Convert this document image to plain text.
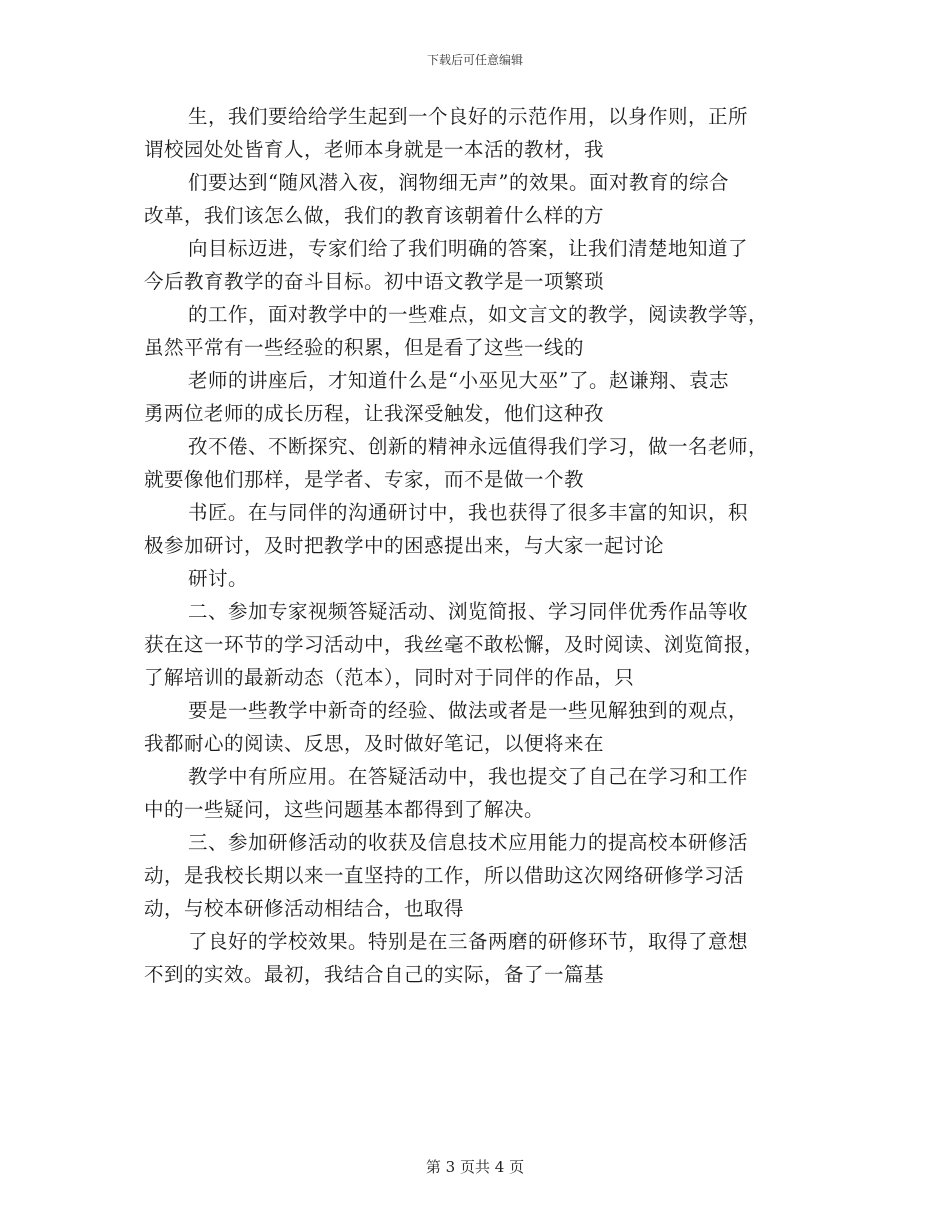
下载后可任意编辑

生，我们要给给学生起到一个良好的示范作用，以身作则，正所
谓校园处处皆育人，老师本身就是一本活的教材，我

们要达到“随风潜入夜，润物细无声”的效果。面对教育的综合
改革，我们该怎么做，我们的教育该朝着什么样的方

向目标迈进，专家们给了我们明确的答案，让我们清楚地知道了
今后教育教学的奋斗目标。初中语文教学是一项繁琐

的工作，面对教学中的一些难点，如文言文的教学，阅读教学等，
虽然平常有一些经验的积累，但是看了这些一线的

老师的讲座后，才知道什么是“小巫见大巫”了。赵谦翔、袁志
勇两位老师的成长历程，让我深受触发，他们这种孜

孜不倦、不断探究、创新的精神永远值得我们学习，做一名老师，
就要像他们那样，是学者、专家，而不是做一个教

书匠。在与同伴的沟通研讨中，我也获得了很多丰富的知识，积
极参加研讨，及时把教学中的困惑提出来，与大家一起讨论

研讨。

二、参加专家视频答疑活动、浏览简报、学习同伴优秀作品等收
获在这一环节的学习活动中，我丝毫不敢松懈，及时阅读、浏览简报，
了解培训的最新动态（范本），同时对于同伴的作品，只

要是一些教学中新奇的经验、做法或者是一些见解独到的观点，
我都耐心的阅读、反思，及时做好笔记，以便将来在

教学中有所应用。在答疑活动中，我也提交了自己在学习和工作
中的一些疑问，这些问题基本都得到了解决。

三、参加研修活动的收获及信息技术应用能力的提高校本研修活
动，是我校长期以来一直坚持的工作，所以借助这次网络研修学习活
动，与校本研修活动相结合，也取得

了良好的学校效果。特别是在三备两磨的研修环节，取得了意想
不到的实效。最初，我结合自己的实际，备了一篇基

第 3 页共 4 页
